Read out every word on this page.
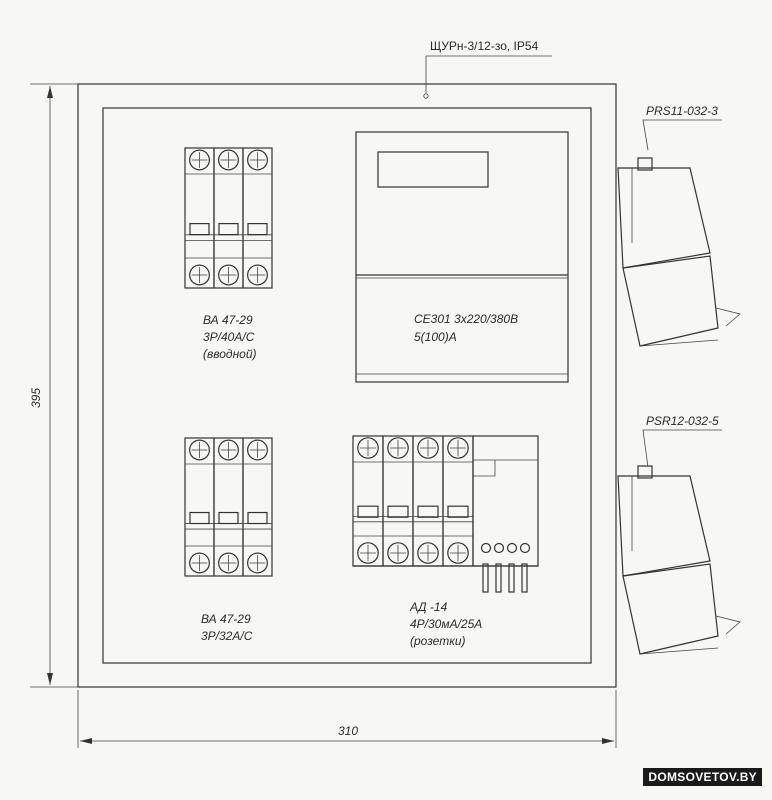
ЩУРн-3/12-зо, IP54
395
310
ВА 47-29
3Р/40А/С
(вводной)
СЕ301 3х220/380В
5(100)А
ВА 47-29
3Р/32А/С
АД -14
4Р/30мА/25А
(розетки)
PRS11-032-3
PSR12-032-5
DOMSOVETOV.BY
